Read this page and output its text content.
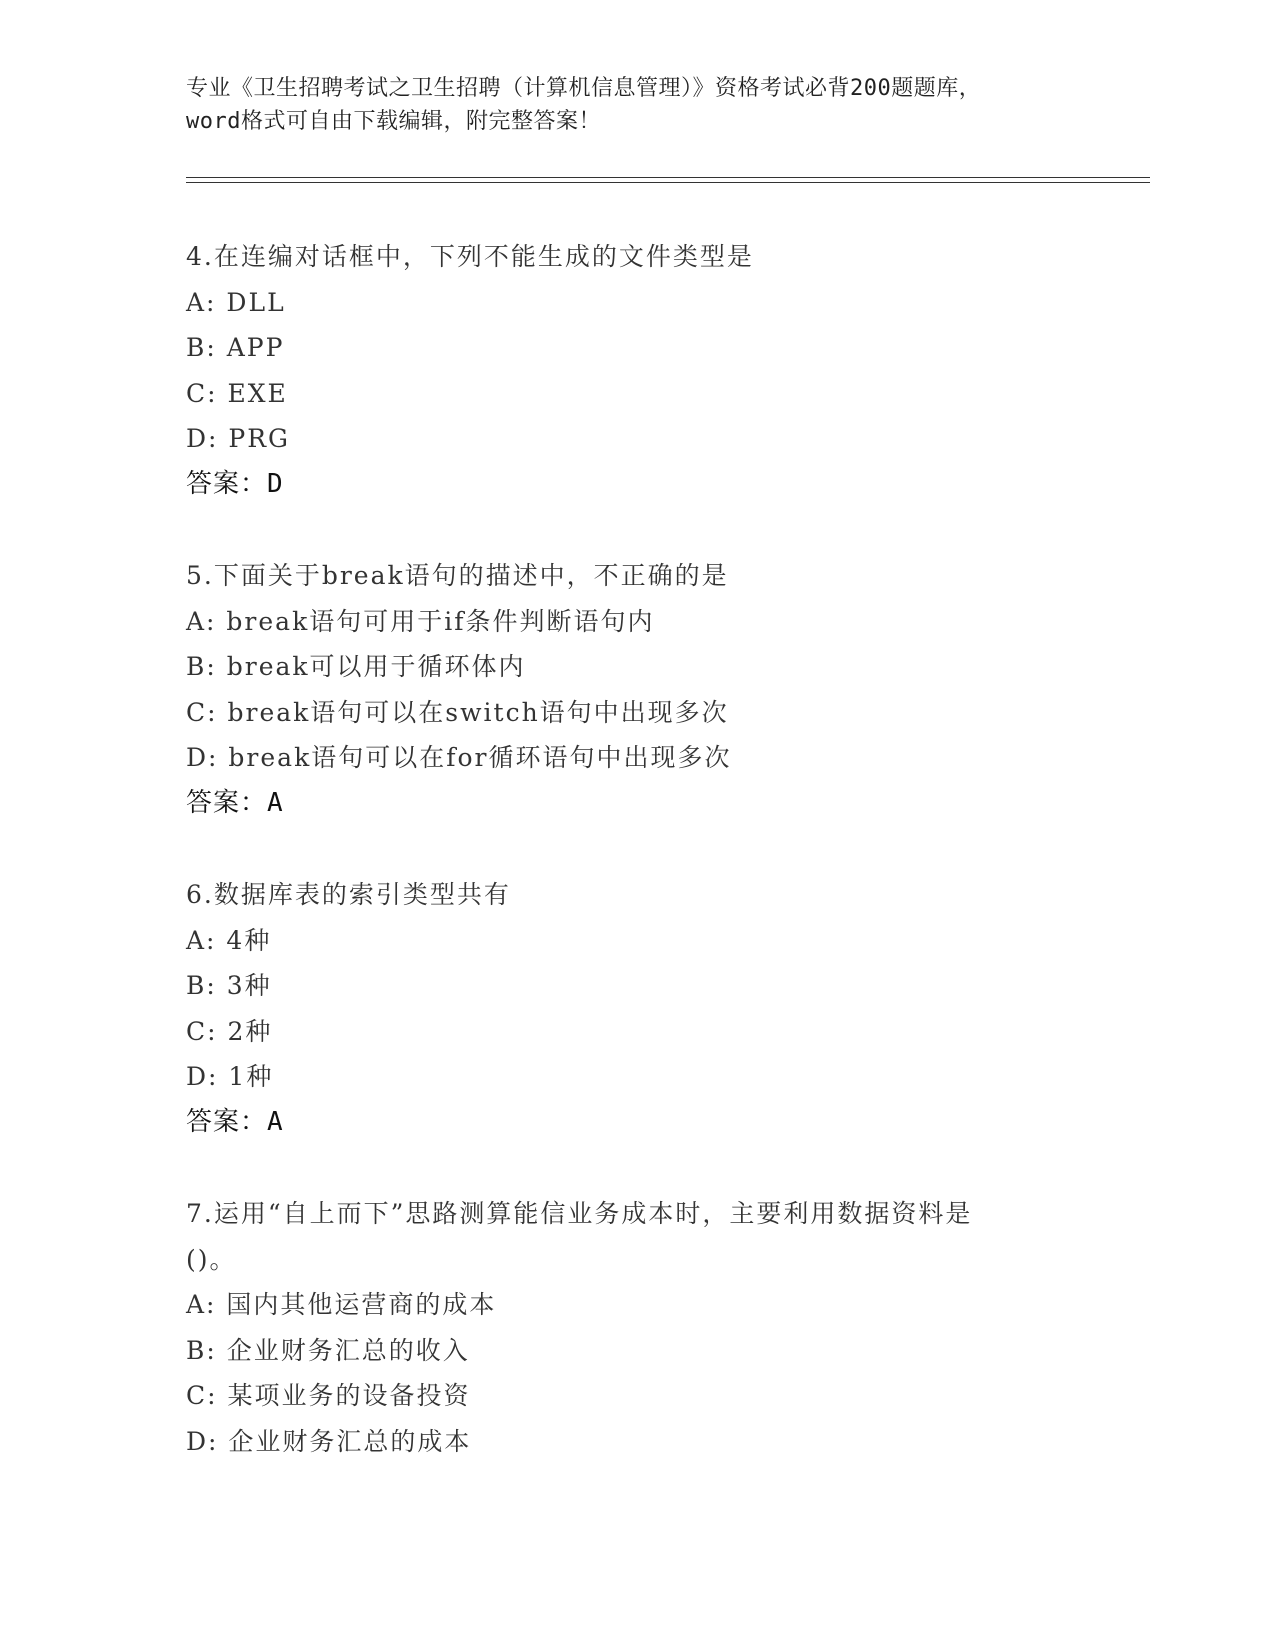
专业《卫生招聘考试之卫生招聘（计算机信息管理）》资格考试必背200题题库，
word格式可自由下载编辑，附完整答案！
4.在连编对话框中，下列不能生成的文件类型是
A: DLL
B: APP
C: EXE
D: PRG
答案：D
5.下面关于break语句的描述中，不正确的是
A: break语句可用于if条件判断语句内
B: break可以用于循环体内
C: break语句可以在switch语句中出现多次
D: break语句可以在for循环语句中出现多次
答案：A
6.数据库表的索引类型共有
A: 4种
B: 3种
C: 2种
D: 1种
答案：A
7.运用“自上而下”思路测算能信业务成本时，主要利用数据资料是
()。
A: 国内其他运营商的成本
B: 企业财务汇总的收入
C: 某项业务的设备投资
D: 企业财务汇总的成本
